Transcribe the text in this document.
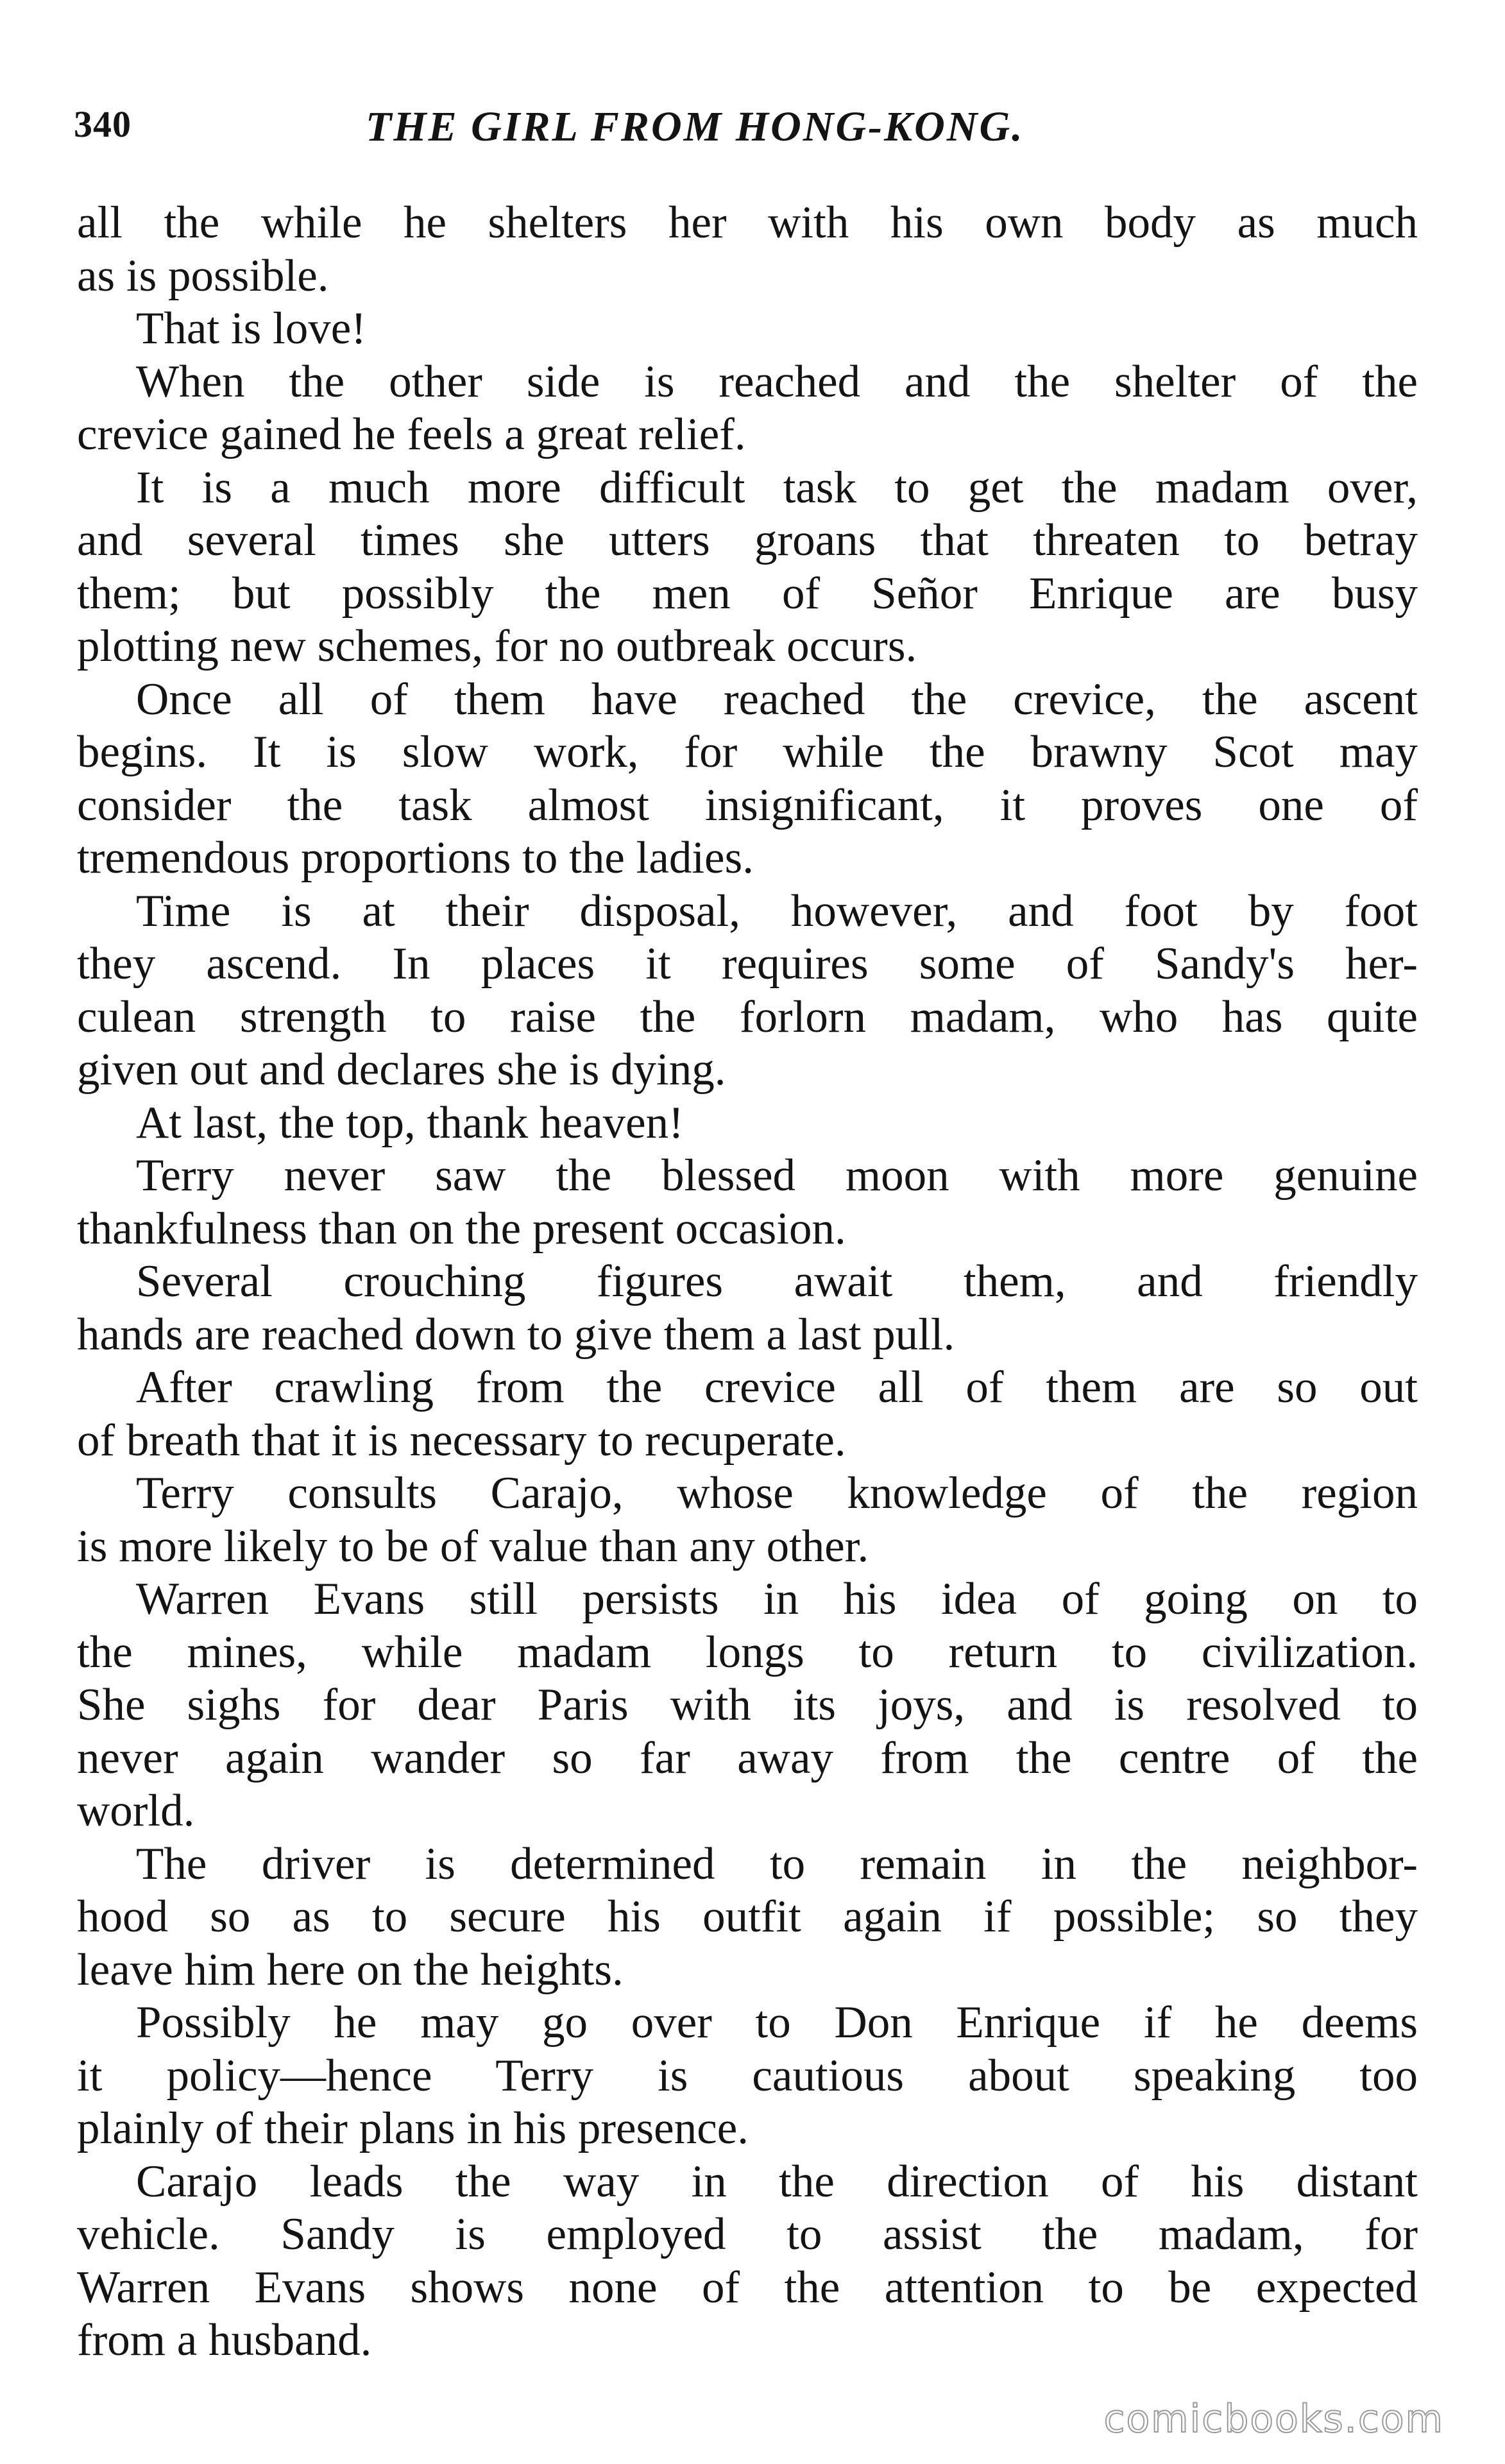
340	THE GIRL FROM HONG-KONG.
all the while he shelters her with his own body as much
as is possible.
That is love!
When the other side is reached and the shelter of the
crevice gained he feels a great relief.
It is a much more difficult task to get the madam over,
and several times she utters groans that threaten to betray
them; but possibly the men of Señor Enrique are busy
plotting new schemes, for no outbreak occurs.
Once all of them have reached the crevice, the ascent
begins. It is slow work, for while the brawny Scot may
consider the task almost insignificant, it proves one of
tremendous proportions to the ladies.
Time is at their disposal, however, and foot by foot
they ascend. In places it requires some of Sandy's her-
culean strength to raise the forlorn madam, who has quite
given out and declares she is dying.
At last, the top, thank heaven!
Terry never saw the blessed moon with more genuine
thankfulness than on the present occasion.
Several crouching figures await them, and friendly
hands are reached down to give them a last pull.
After crawling from the crevice all of them are so out
of breath that it is necessary to recuperate.
Terry consults Carajo, whose knowledge of the region
is more likely to be of value than any other.
Warren Evans still persists in his idea of going on to
the mines, while madam longs to return to civilization.
She sighs for dear Paris with its joys, and is resolved to
never again wander so far away from the centre of the
world.
The driver is determined to remain in the neighbor-
hood so as to secure his outfit again if possible; so they
leave him here on the heights.
Possibly he may go over to Don Enrique if he deems
it policy—hence Terry is cautious about speaking too
plainly of their plans in his presence.
Carajo leads the way in the direction of his distant
vehicle. Sandy is employed to assist the madam, for
Warren Evans shows none of the attention to be expected
from a husband.
comicbooks.com
